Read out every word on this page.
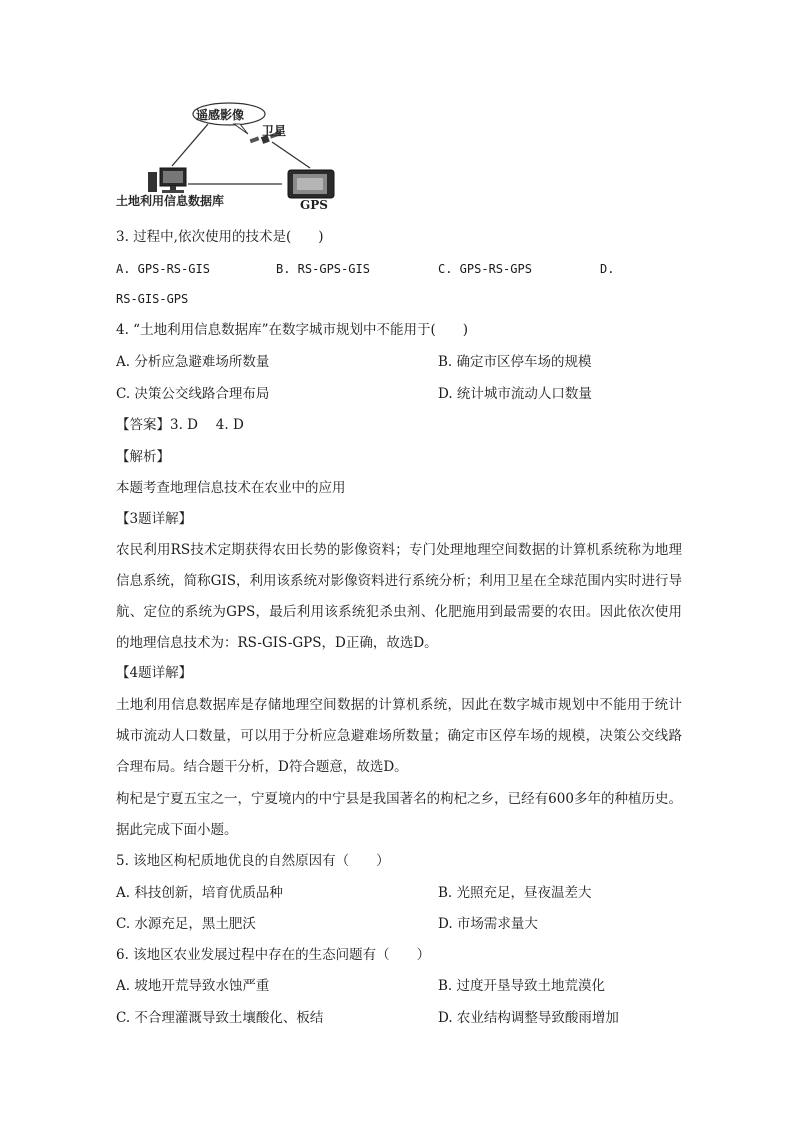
遥感影像
卫星
土地利用信息数据库	GPS
3. 过程中,依次使用的技术是(　　)
A. GPS-RS-GIS	B. RS-GPS-GIS	C. GPS-RS-GPS	D.
RS-GIS-GPS
4. “土地利用信息数据库”在数字城市规划中不能用于(　　)
A. 分析应急避难场所数量	B. 确定市区停车场的规模
C. 决策公交线路合理布局	D. 统计城市流动人口数量
【答案】3. D　 4. D
【解析】
本题考查地理信息技术在农业中的应用
【3题详解】
农民利用RS技术定期获得农田长势的影像资料；专门处理地理空间数据的计算机系统称为地理信息系统，简称GIS，利用该系统对影像资料进行系统分析；利用卫星在全球范围内实时进行导航、定位的系统为GPS，最后利用该系统犯杀虫剂、化肥施用到最需要的农田。因此依次使用的地理信息技术为：RS-GIS-GPS，D正确，故选D。
【4题详解】
土地利用信息数据库是存储地理空间数据的计算机系统，因此在数字城市规划中不能用于统计城市流动人口数量，可以用于分析应急避难场所数量；确定市区停车场的规模，决策公交线路合理布局。结合题干分析，D符合题意，故选D。
枸杞是宁夏五宝之一，宁夏境内的中宁县是我国著名的枸杞之乡，已经有600多年的种植历史。据此完成下面小题。
5. 该地区枸杞质地优良的自然原因有（　　）
A. 科技创新，培育优质品种	B. 光照充足，昼夜温差大
C. 水源充足，黑土肥沃	D. 市场需求量大
6. 该地区农业发展过程中存在的生态问题有（　　）
A. 坡地开荒导致水蚀严重	B. 过度开垦导致土地荒漠化
C. 不合理灌溉导致土壤酸化、板结	D. 农业结构调整导致酸雨增加
